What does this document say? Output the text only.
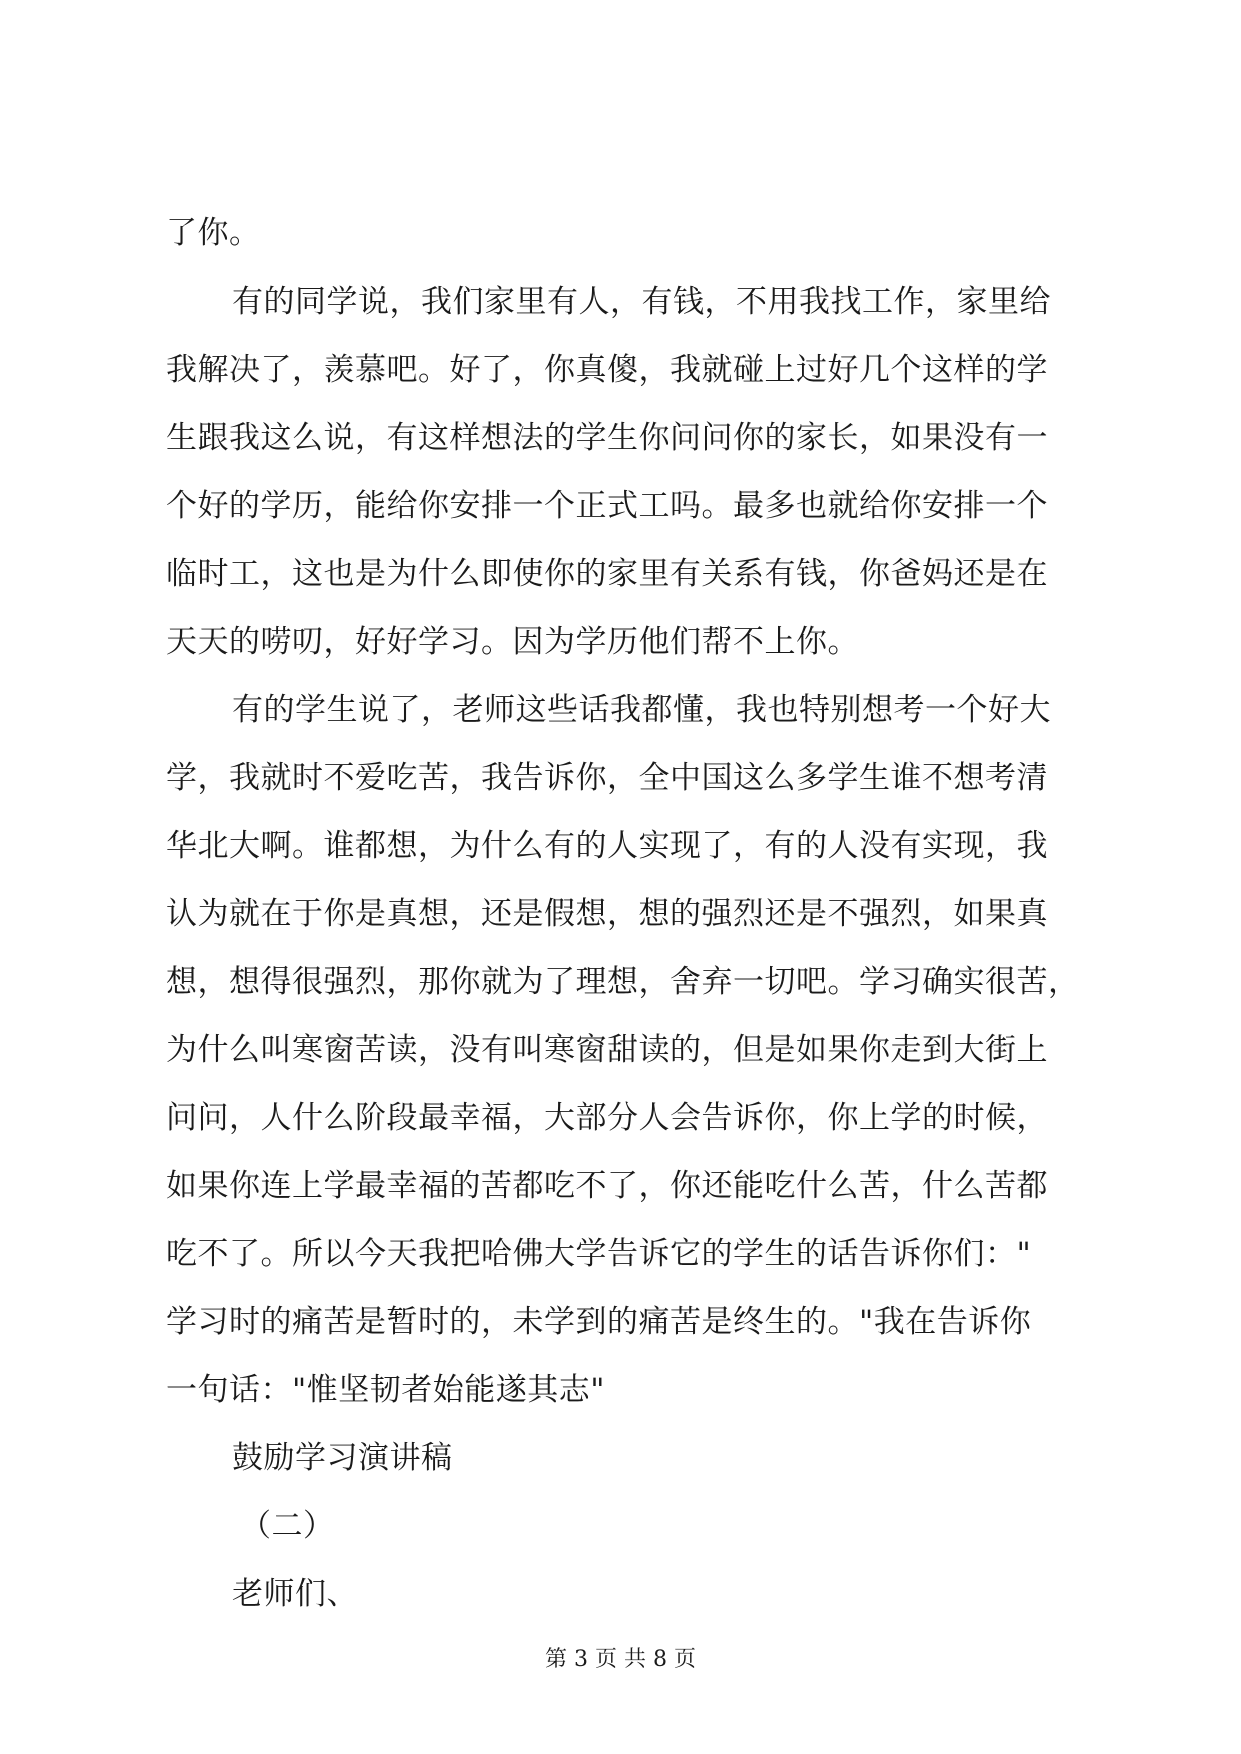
了你。
有的同学说，我们家里有人，有钱，不用我找工作，家里给
我解决了，羡慕吧。好了，你真傻，我就碰上过好几个这样的学
生跟我这么说，有这样想法的学生你问问你的家长，如果没有一
个好的学历，能给你安排一个正式工吗。最多也就给你安排一个
临时工，这也是为什么即使你的家里有关系有钱，你爸妈还是在
天天的唠叨，好好学习。因为学历他们帮不上你。
有的学生说了，老师这些话我都懂，我也特别想考一个好大
学，我就时不爱吃苦，我告诉你，全中国这么多学生谁不想考清
华北大啊。谁都想，为什么有的人实现了，有的人没有实现，我
认为就在于你是真想，还是假想，想的强烈还是不强烈，如果真
想，想得很强烈，那你就为了理想，舍弃一切吧。学习确实很苦，
为什么叫寒窗苦读，没有叫寒窗甜读的，但是如果你走到大街上
问问，人什么阶段最幸福，大部分人会告诉你，你上学的时候，
如果你连上学最幸福的苦都吃不了，你还能吃什么苦，什么苦都
吃不了。所以今天我把哈佛大学告诉它的学生的话告诉你们："
学习时的痛苦是暂时的，未学到的痛苦是终生的。"我在告诉你
一句话："惟坚韧者始能遂其志"
鼓励学习演讲稿
（二）
老师们、
第 3 页 共 8 页
